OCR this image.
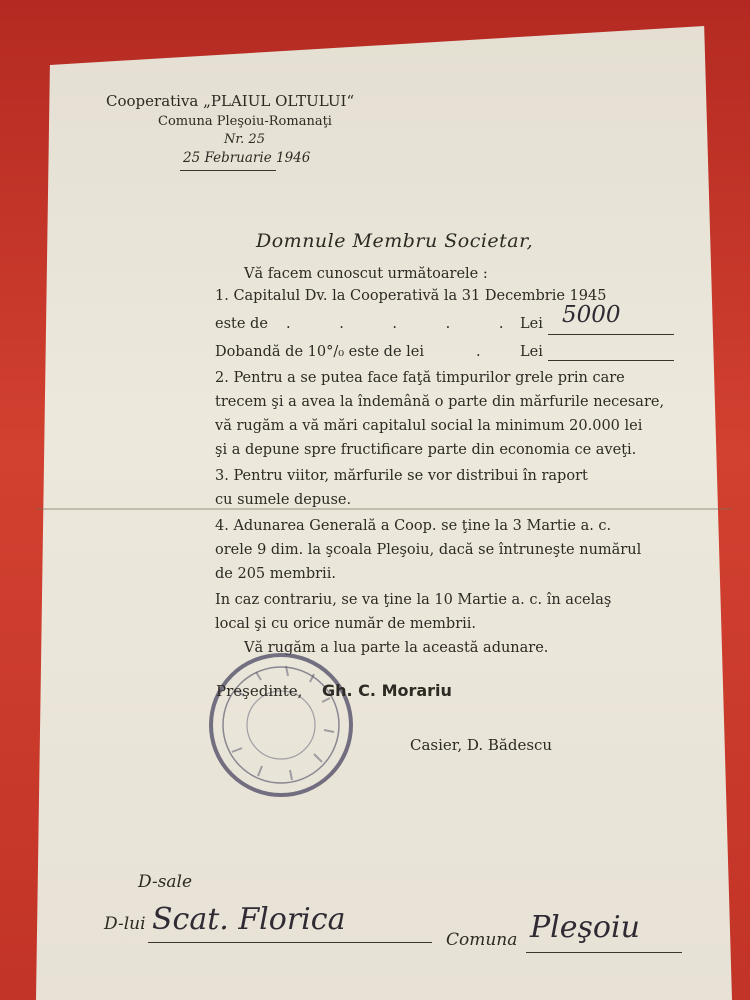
Cooperativa „PLAIUL OLTULUI“
Comuna Pleşoiu-Romanaţi
Nr. 25
25 Februarie 1946
Domnule Membru Societar,
Vă facem cunoscut următoarele :
1. Capitalul Dv. la Cooperativă la 31 Decembrie 1945
este de . . . . .
Lei 5000
Dobandă de 10°/₀ este de lei	.	Lei
2. Pentru a se putea face faţă timpurilor grele prin care
trecem şi a avea la îndemână o parte din mărfurile necesare,
vă rugăm a vă mări capitalul social la minimum 20.000 lei
şi a depune spre fructificare parte din economia ce aveţi.
3. Pentru viitor, mărfurile se vor distribui în raport
cu sumele depuse.
4. Adunarea Generală a Coop. se ţine la 3 Martie a. c.
orele 9 dim. la şcoala Pleşoiu, dacă se întruneşte numărul
de 205 membrii.
In caz contrariu, se va ţine la 10 Martie a. c. în acelaş
local şi cu orice număr de membrii.
Vă rugăm a lua parte la această adunare.
Preşedinte, Gh. C. Morariu
Casier, D. Bădescu
D-sale
D-lui Scat. Florica
Comuna Pleşoiu
